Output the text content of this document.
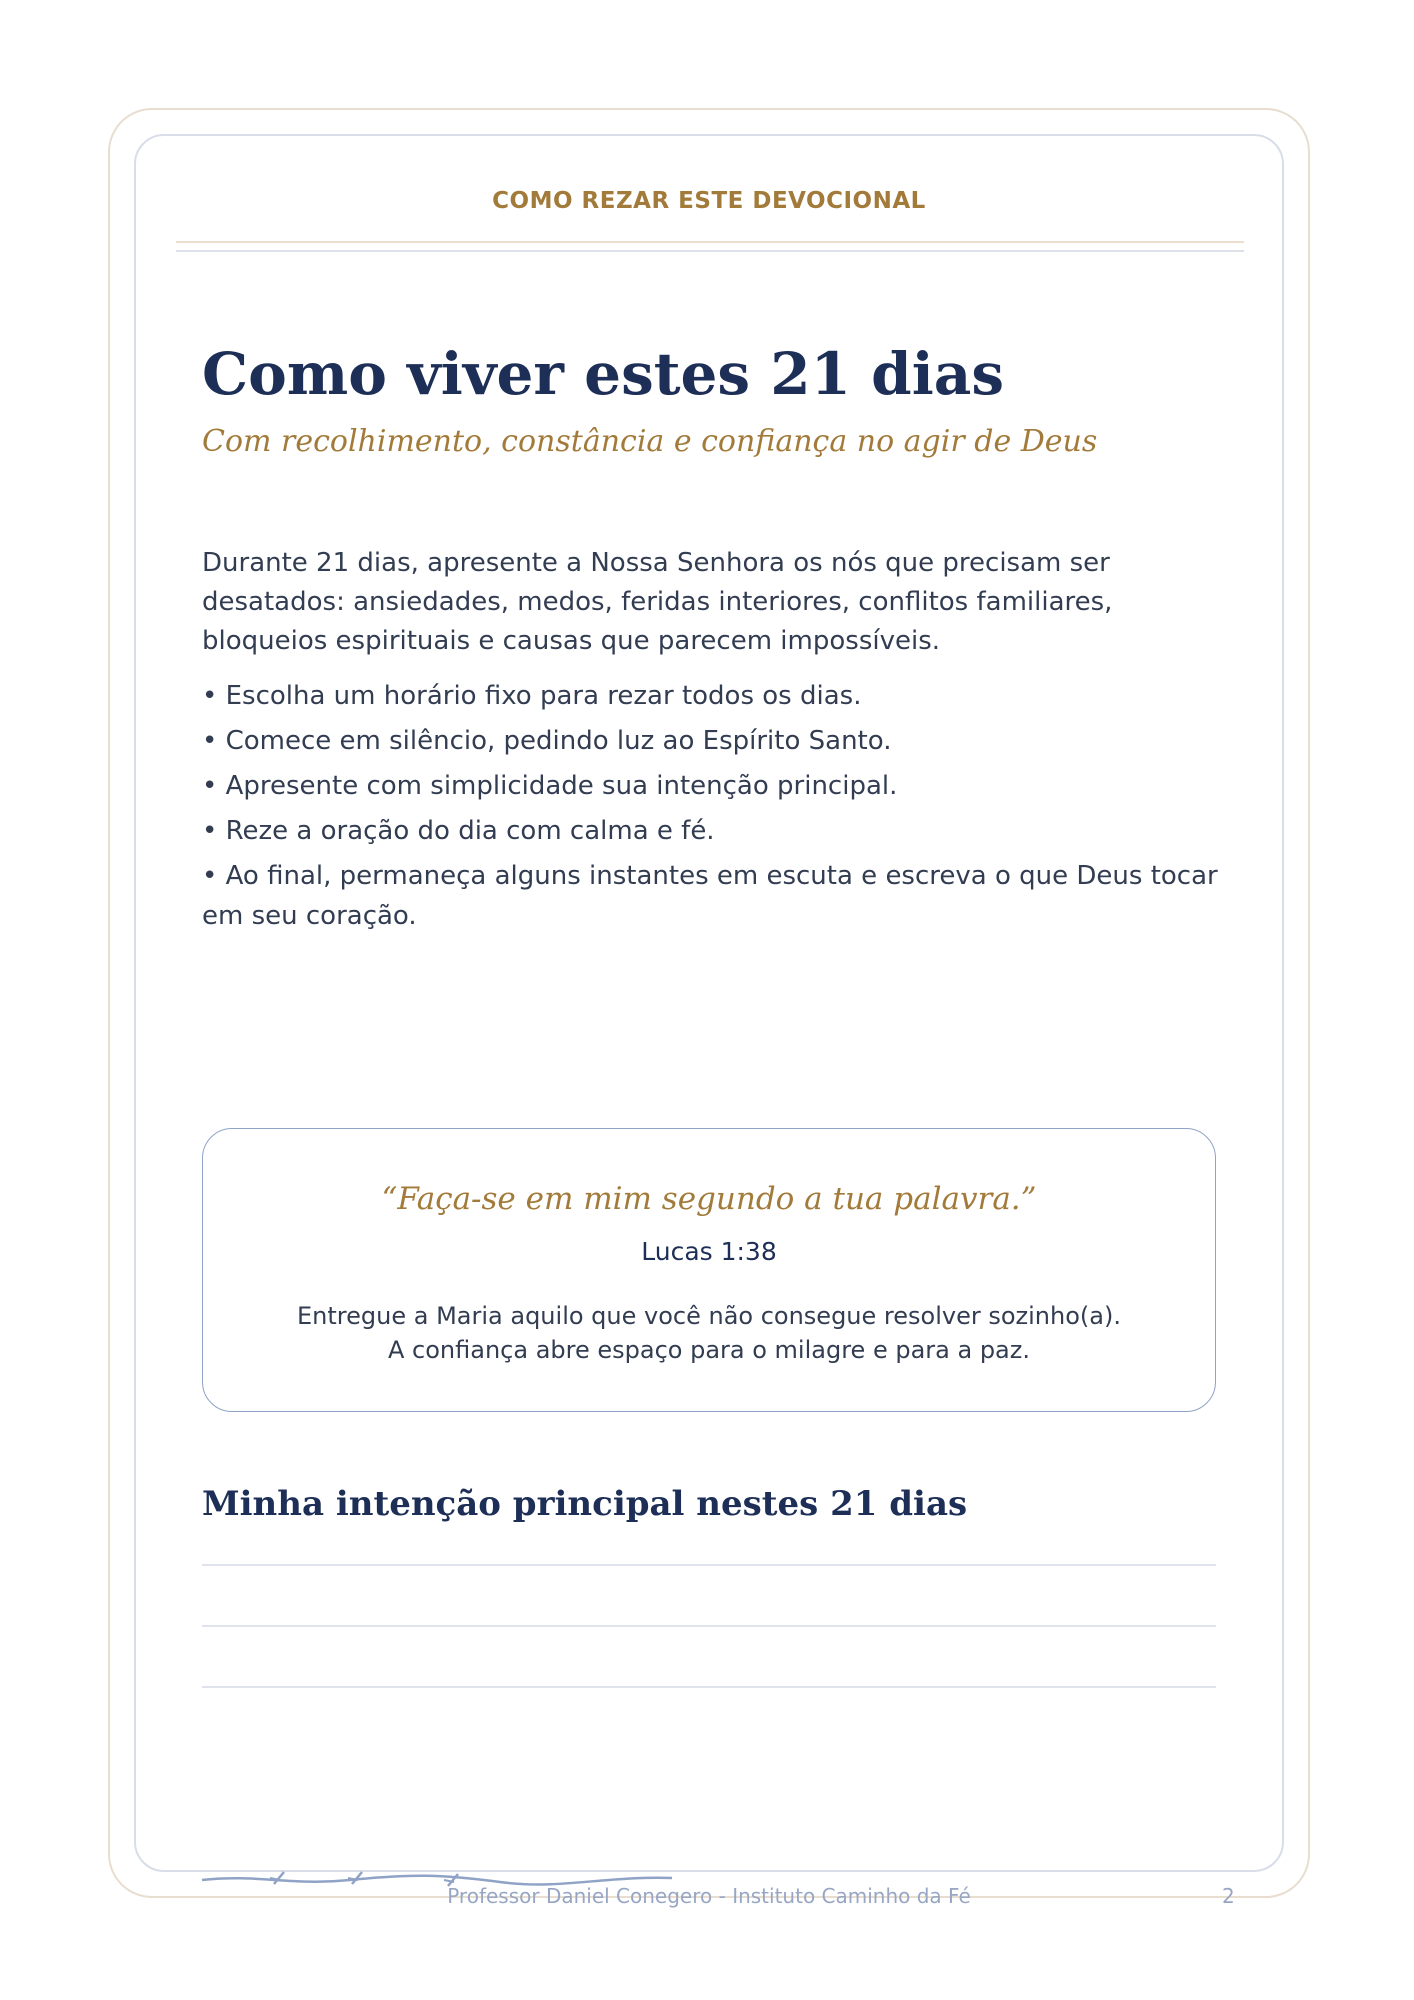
COMO REZAR ESTE DEVOCIONAL
Como viver estes 21 dias

Com recolhimento, constância e confiança no agir de Deus

Durante 21 dias, apresente a Nossa Senhora os nós que precisam ser desatados: ansiedades, medos, feridas interiores, conflitos familiares, bloqueios espirituais e causas que parecem impossíveis.

• Escolha um horário fixo para rezar todos os dias.
• Comece em silêncio, pedindo luz ao Espírito Santo.
• Apresente com simplicidade sua intenção principal.
• Reze a oração do dia com calma e fé.
• Ao final, permaneça alguns instantes em escuta e escreva o que Deus tocar em seu coração.
“Faça-se em mim segundo a tua palavra.”
Lucas 1:38
Entregue a Maria aquilo que você não consegue resolver sozinho(a).
A confiança abre espaço para o milagre e para a paz.
Minha intenção principal nestes 21 dias
Professor Daniel Conegero - Instituto Caminho da Fé	2
